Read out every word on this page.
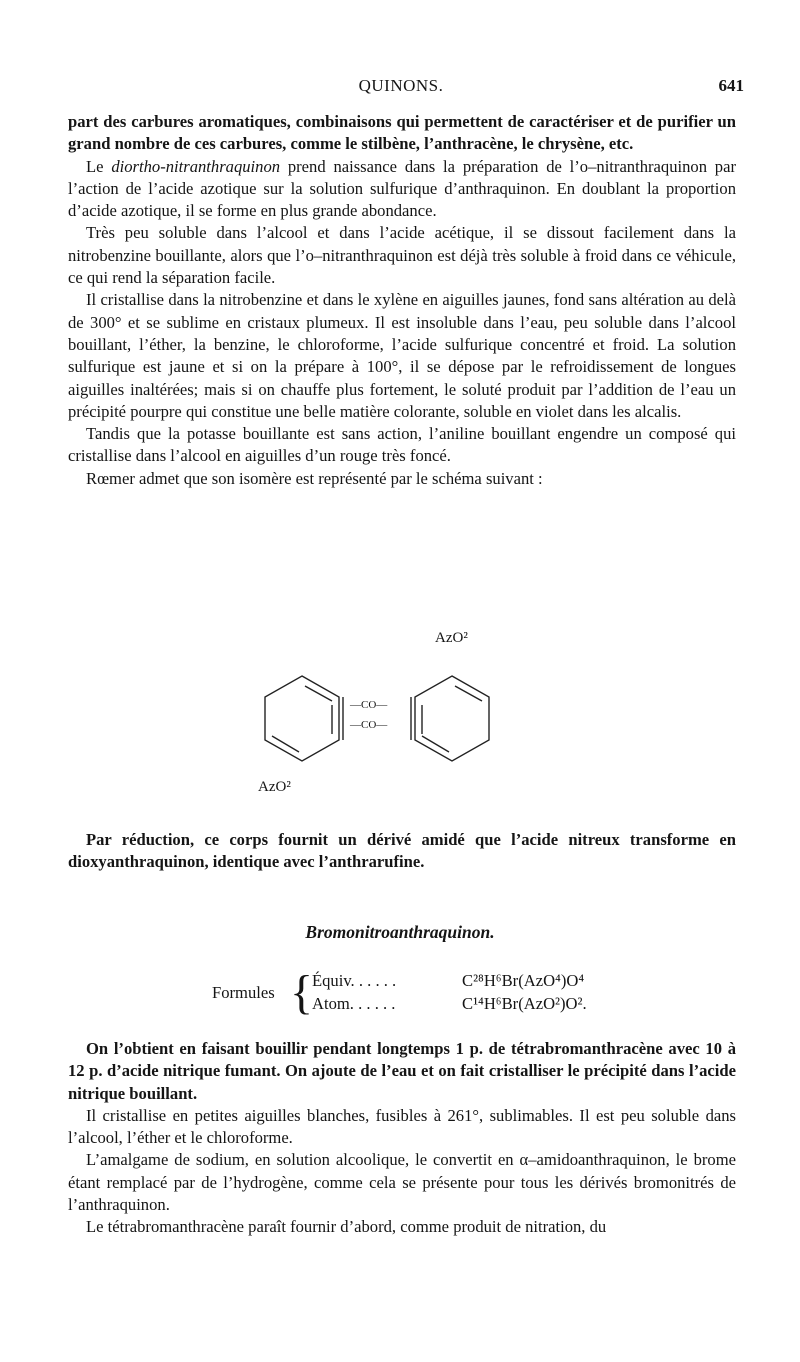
QUINONS.	641

part des carbures aromatiques, combinaisons qui permettent de caractériser et de purifier un grand nombre de ces carbures, comme le stilbène, l’anthracène, le chrysène, etc.

Le diortho-nitranthraquinon prend naissance dans la préparation de l’o–nitranthraquinon par l’action de l’acide azotique sur la solution sulfurique d’anthraquinon. En doublant la proportion d’acide azotique, il se forme en plus grande abondance.

Très peu soluble dans l’alcool et dans l’acide acétique, il se dissout facilement dans la nitrobenzine bouillante, alors que l’o–nitranthraquinon est déjà très soluble à froid dans ce véhicule, ce qui rend la séparation facile.

Il cristallise dans la nitrobenzine et dans le xylène en aiguilles jaunes, fond sans altération au delà de 300° et se sublime en cristaux plumeux. Il est insoluble dans l’eau, peu soluble dans l’alcool bouillant, l’éther, la benzine, le chloroforme, l’acide sulfurique concentré et froid. La solution sulfurique est jaune et si on la prépare à 100°, il se dépose par le refroidissement de longues aiguilles inaltérées; mais si on chauffe plus fortement, le soluté produit par l’addition de l’eau un précipité pourpre qui constitue une belle matière colorante, soluble en violet dans les alcalis.

Tandis que la potasse bouillante est sans action, l’aniline bouillant engendre un composé qui cristallise dans l’alcool en aiguilles d’un rouge très foncé.

Rœmer admet que son isomère est représenté par le schéma suivant :

AzO²
—CO—
—CO—
AzO²

Par réduction, ce corps fournit un dérivé amidé que l’acide nitreux transforme en dioxyanthraquinon, identique avec l’anthrarufine.

Bromonitroanthraquinon.
Formules {
Équiv. . . . . .	C²⁸H⁶Br(AzO⁴)O⁴
Atom. . . . . .	C¹⁴H⁶Br(AzO²)O².

On l’obtient en faisant bouillir pendant longtemps 1 p. de tétrabromanthracène avec 10 à 12 p. d’acide nitrique fumant. On ajoute de l’eau et on fait cristalliser le précipité dans l’acide nitrique bouillant.

Il cristallise en petites aiguilles blanches, fusibles à 261°, sublimables. Il est peu soluble dans l’alcool, l’éther et le chloroforme.

L’amalgame de sodium, en solution alcoolique, le convertit en α–amidoanthraquinon, le brome étant remplacé par de l’hydrogène, comme cela se présente pour tous les dérivés bromonitrés de l’anthraquinon.

Le tétrabromanthracène paraît fournir d’abord, comme produit de nitration, du
